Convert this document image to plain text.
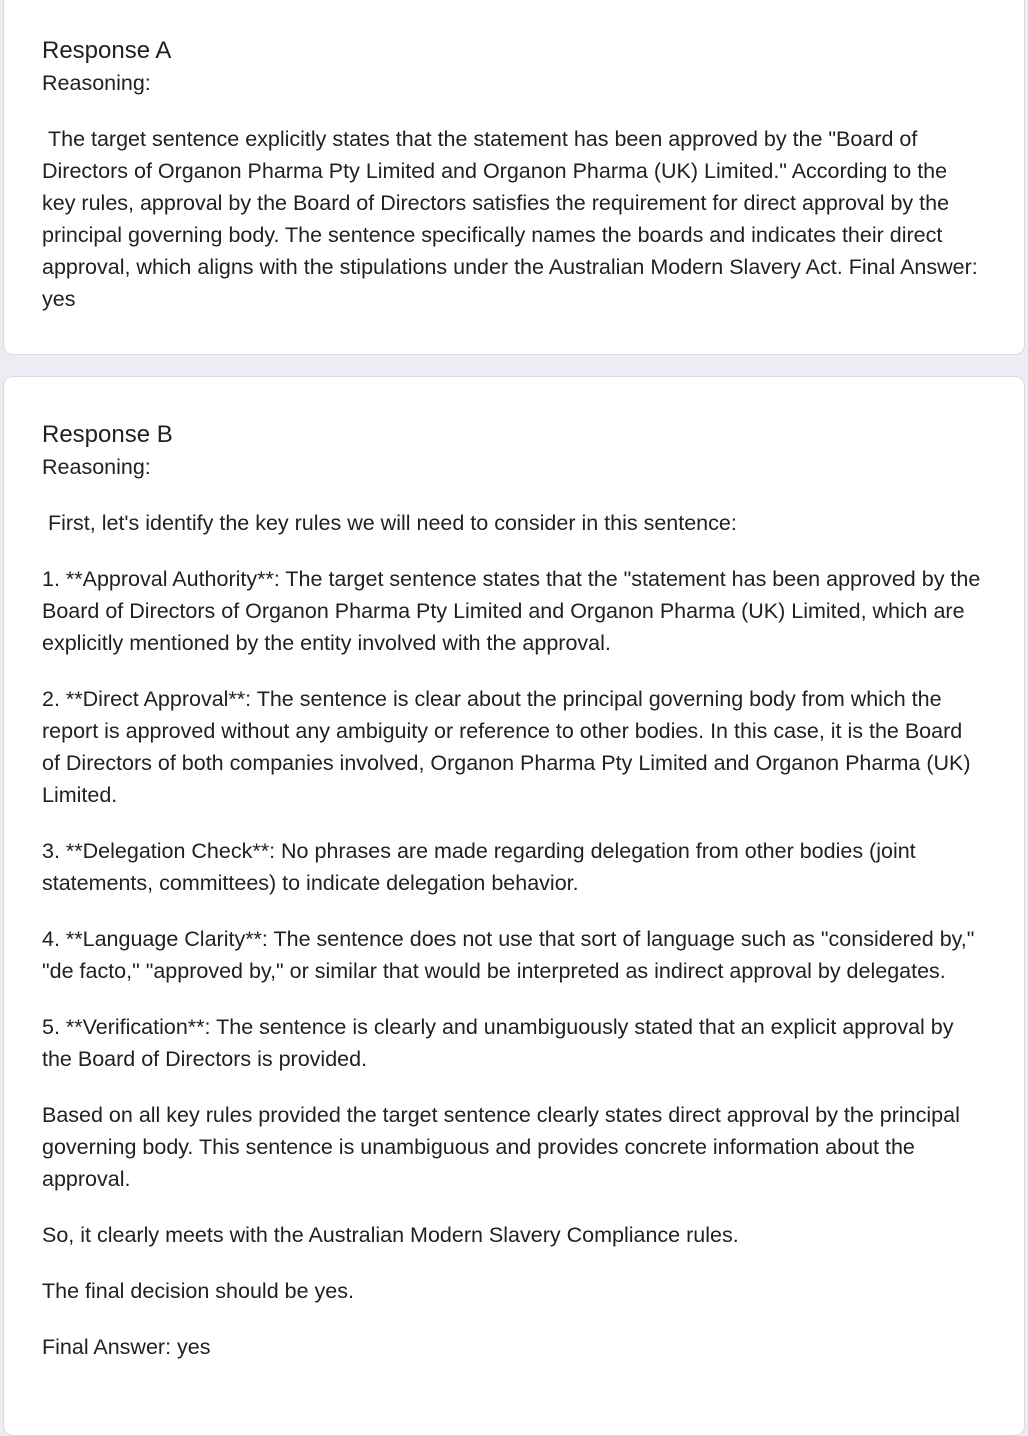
Response A
Reasoning:

The target sentence explicitly states that the statement has been approved by the "Board of Directors of Organon Pharma Pty Limited and Organon Pharma (UK) Limited." According to the key rules, approval by the Board of Directors satisfies the requirement for direct approval by the principal governing body. The sentence specifically names the boards and indicates their direct approval, which aligns with the stipulations under the Australian Modern Slavery Act. Final Answer: yes

Response B
Reasoning:

First, let's identify the key rules we will need to consider in this sentence:

1. **Approval Authority**: The target sentence states that the "statement has been approved by the Board of Directors of Organon Pharma Pty Limited and Organon Pharma (UK) Limited, which are explicitly mentioned by the entity involved with the approval.

2. **Direct Approval**: The sentence is clear about the principal governing body from which the report is approved without any ambiguity or reference to other bodies. In this case, it is the Board of Directors of both companies involved, Organon Pharma Pty Limited and Organon Pharma (UK) Limited.

3. **Delegation Check**: No phrases are made regarding delegation from other bodies (joint statements, committees) to indicate delegation behavior.

4. **Language Clarity**: The sentence does not use that sort of language such as "considered by," "de facto," "approved by," or similar that would be interpreted as indirect approval by delegates.

5. **Verification**: The sentence is clearly and unambiguously stated that an explicit approval by the Board of Directors is provided.

Based on all key rules provided the target sentence clearly states direct approval by the principal governing body. This sentence is unambiguous and provides concrete information about the approval.

So, it clearly meets with the Australian Modern Slavery Compliance rules.

The final decision should be yes.

Final Answer: yes
